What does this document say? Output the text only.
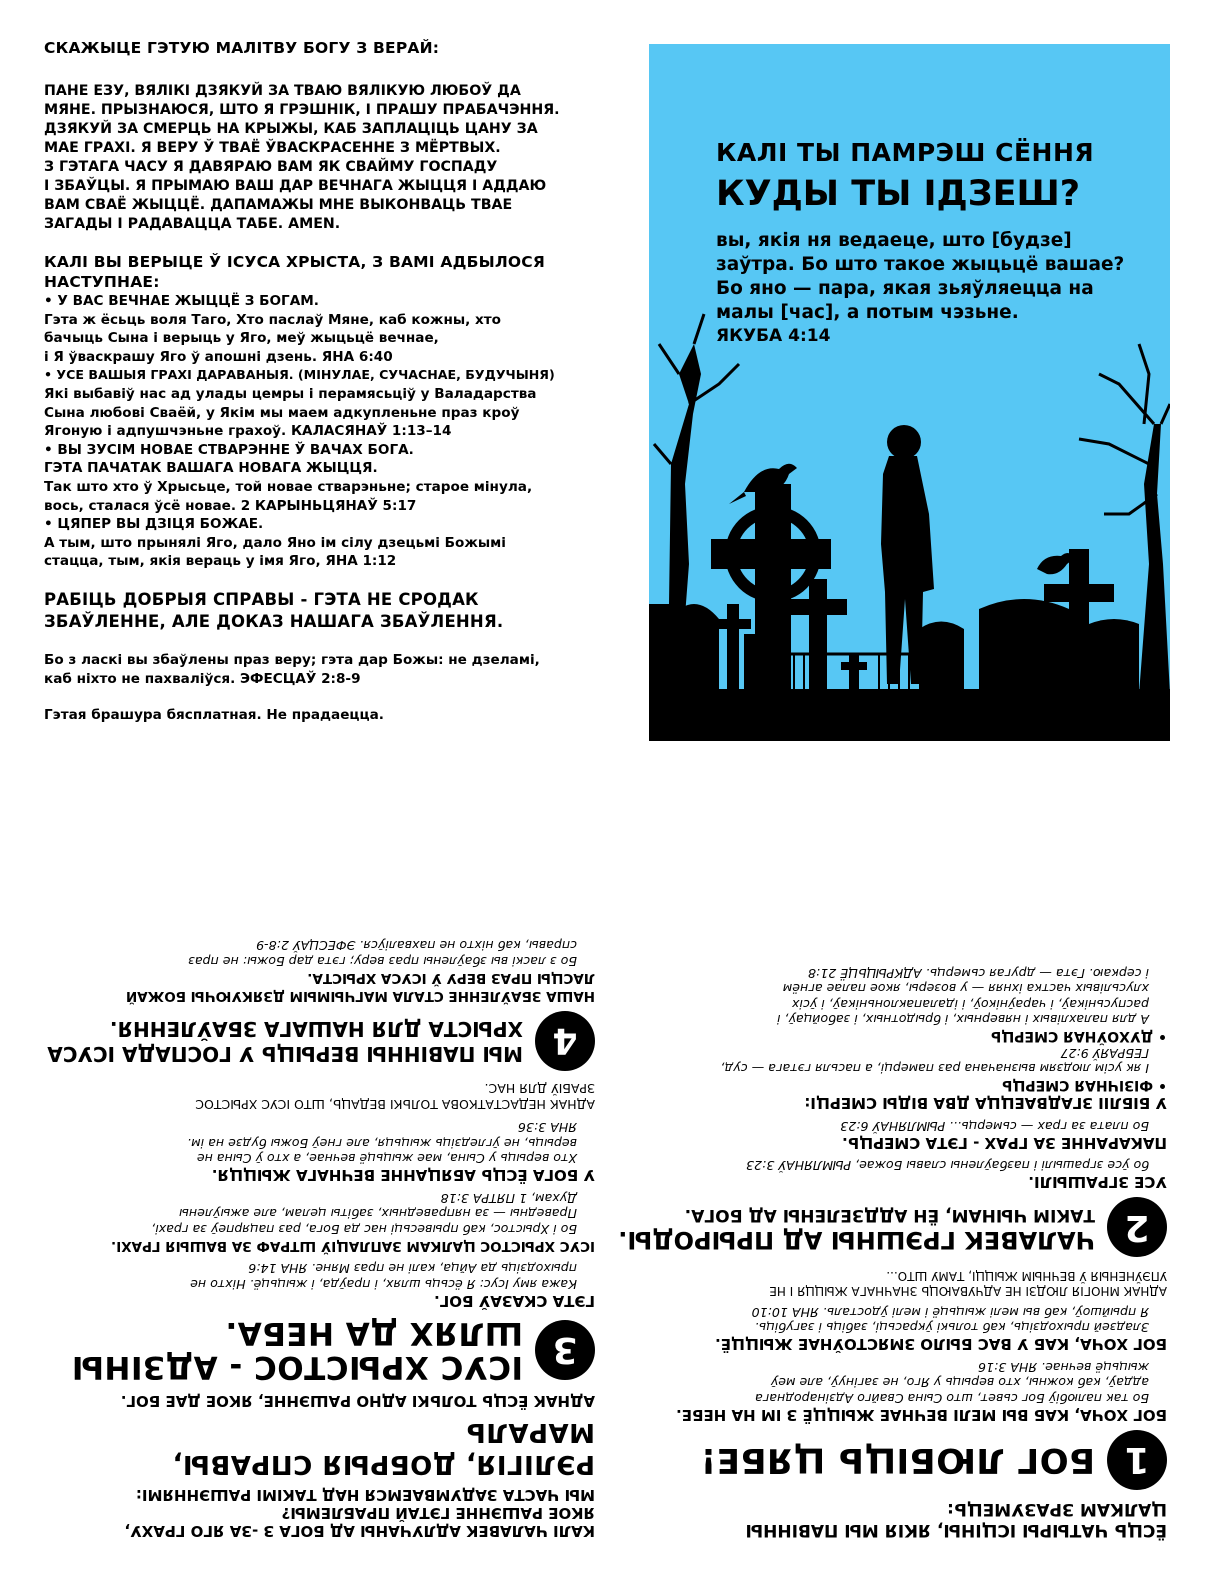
СКАЖЫЦЕ ГЭТУЮ МАЛІТВУ БОГУ З ВЕРАЙ:
ПАНЕ ЕЗУ, ВЯЛІКІ ДЗЯКУЙ ЗА ТВАЮ ВЯЛІКУЮ ЛЮБОЎ ДА
МЯНЕ. ПРЫЗНАЮСЯ, ШТО Я ГРЭШНІК, І ПРАШУ ПРАБАЧЭННЯ.
ДЗЯКУЙ ЗА СМЕРЦЬ НА КРЫЖЫ, КАБ ЗАПЛАЦІЦЬ ЦАНУ ЗА
МАЕ ГРАХІ. Я ВЕРУ Ў ТВАЁ ЎВАСКРАСЕННЕ З МЁРТВЫХ.
З ГЭТАГА ЧАСУ Я ДАВЯРАЮ ВАМ ЯК СВАЙМУ ГОСПАДУ
І ЗБАЎЦЫ. Я ПРЫМАЮ ВАШ ДАР ВЕЧНАГА ЖЫЦЦЯ І АДДАЮ
ВАМ СВАЁ ЖЫЦЦЁ. ДАПАМАЖЫ МНЕ ВЫКОНВАЦЬ ТВАЕ
ЗАГАДЫ І РАДАВАЦЦА ТАБЕ. AMEN.
КАЛІ ВЫ ВЕРЫЦЕ Ў ІСУСА ХРЫСТА, З ВАМІ АДБЫЛОСЯ
НАСТУПНАЕ:
• У ВАС ВЕЧНАЕ ЖЫЦЦЁ З БОГАМ.
Гэта ж ёсьць воля Таго, Хто паслаў Мяне, каб кожны, хто
бачыць Сына і верыць у Яго, меў жыцьцё вечнае,
і Я ўваскрашу Яго ў апошні дзень. ЯНА 6:40
• УСЕ ВАШЫЯ ГРАХІ ДАРАВАНЫЯ. (МІНУЛАЕ, СУЧАСНАЕ, БУДУЧЫНЯ)
Які выбавіў нас ад улады цемры і перамясьціў у Валадарства
Сына любові Сваёй, у Якім мы маем адкупленьне праз кроў
Ягоную і адпушчэньне грахоў. КАЛАСЯНАЎ 1:13–14
• ВЫ ЗУСІМ НОВАЕ СТВАРЭННЕ Ў ВАЧАХ БОГА.
ГЭТА ПАЧАТАК ВАШАГА НОВАГА ЖЫЦЦЯ.
Так што хто ў Хрысьце, той новае стварэньне; старое мінула,
вось, сталася ўсё новае. 2 КАРЫНЬЦЯНАЎ 5:17
• ЦЯПЕР ВЫ ДЗІЦЯ БОЖАЕ.
А тым, што прынялі Яго, дало Яно ім сілу дзецьмі Божымі
стацца, тым, якія вераць у імя Яго, ЯНА 1:12
РАБІЦЬ ДОБРЫЯ СПРАВЫ - ГЭТА НЕ СРОДАК
ЗБАЎЛЕННЕ, АЛЕ ДОКАЗ НАШАГА ЗБАЎЛЕННЯ.
Бо з ласкі вы збаўлены праз веру; гэта дар Божы: не дзеламі,
каб ніхто не пахваліўся. ЭФЕСЦАЎ 2:8-9
Гэтая брашура бясплатная. Не прадаецца.
КАЛІ ТЫ ПАМРЭШ СЁННЯ
КУДЫ ТЫ ІДЗЕШ?
вы, якія ня ведаеце, што [будзе]
заўтра. Бо што такое жыцьцё вашае?
Бо яно — пара, якая зьяўляецца на
малы [час], а потым чэзьне.
ЯКУБА 4:14
ЁСЦЬ ЧАТЫРЫ ІСЦІНЫ, ЯКІЯ МЫ ПАВІННЫ
ЦАЛКАМ ЗРАЗУМЕЦЬ:
1
БОГ ЛЮБІЦЬ ЦЯБЕ!
БОГ ХОЧА, КАБ ВЫ МЕЛІ ВЕЧНАЕ ЖЫЦЦЁ З ІМ НА НЕБЕ.
Бо так палюбіў Бог сьвет, што Сына Свайго Адзінароднага
аддаў, каб кожны, хто верыць у Яго, не загінуў, але меў
жыцьцё вечнае. ЯНА 3:16
БОГ ХОЧА, КАБ У ВАС БЫЛО ЗМЯСТОЎНАЕ ЖЫЦЦЁ.
Зладзей прыходзіць, каб толькі ўкрасьці, забіць і загубіць.
Я прыйшоў, каб вы мелі жыцьцё і мелі ўдосталь. ЯНА 10:10
АДНАК МНОГІЯ ЛЮДЗІ НЕ АДЧУВАЮЦЬ ЗНАЧНАГА ЖЫЦЦЯ І НЕ
УПЭЎНЕНЫЯ Ў ВЕЧНЫМ ЖЫЦЦІ, ТАМУ ШТО...
2
ЧАЛАВЕК ГРЭШНЫ АД ПРЫРОДЫ.
ТАКІМ ЧЫНАМ, ЁН АДДЗЕЛЕНЫ АД БОГА.
УСЕ ЗГРАШЫЛІ.
бо ўсе зграшылі і пазбаўлены славы Божае, РЫМЛЯНАЎ 3:23
ПАКАРАННЕ ЗА ГРАХ - ГЭТА СМЕРЦЬ.
Бо плата за грах — сьмерць... РЫМЛЯНАЎ 6:23
У БІБЛІІ ЗГАДВАЕЦЦА ДВА ВІДЫ СМЕРЦІ:
• ФІЗІЧНАЯ СМЕРЦЬ
І як усім людзям вызначана раз памерці, а пасьля гэтага — суд,
ГЕБРАЯЎ 9:27
• ДУХОЎНАЯ СМЕРЦЬ
А для палахлівых і няверных, і брыдотных, і забойцаў, і
распусьнікаў, і чараўнікоў, і ідалапаклоньнікаў, і ўсіх
хлусьлівых частка іхняя — у возеры, якое палае агнём
і серкаю. Гэта — другая сьмерць. АДКРЫЦЬЦЁ 21:8
КАЛІ ЧАЛАВЕК АДЛУЧАНЫ АД БОГА З -ЗА ЯГО ГРАХУ,
ЯКОЕ РАШЭННЕ ГЭТАЙ ПРАБЛЕМЫ?
МЫ ЧАСТА ЗАДУМВАЕМСЯ НАД ТАКІМІ РАШЭННЯМІ:
РЭЛІГІЯ, ДОБРЫЯ СПРАВЫ, МАРАЛЬ
АДНАК ЁСЦЬ ТОЛЬКІ АДНО РАШЭННЕ, ЯКОЕ ДАЕ БОГ.
3
ІСУС ХРЫСТОС - АДЗІНЫ
ШЛЯХ ДА НЕБА.
ГЭТА СКАЗАЎ БОГ.
Кажа яму Ісус: Я ёсьць шлях, і праўда, і жыцьцё. Ніхто не
прыходзіць да Айца, калі не праз Мяне. ЯНА 14:6
ІСУС ХРЫСТОС ЦАЛКАМ ЗАПЛАЦІЎ ШТРАФ ЗА ВАШЫЯ ГРАХІ.
Бо і Хрыстос, каб прывесьці нас да Бога, раз пацярпеў за грахі,
Праведны — за няправедных, забіты целам, але ажыўлены
Духам, 1 ПЯТРА 3:18
У БОГА ЁСЦЬ АБЯЦАННЕ ВЕЧНАГА ЖЫЦЦЯ.
Хто верыць у Сына, мае жыцьцё вечнае, а хто ў Сына не
верыць, не ўгледзіць жыцьця, але гнеў Божы будзе на ім.
ЯНА 3:36
АДНАК НЕДАСТАТКОВА ТОЛЬКІ ВЕДАЦЬ, ШТО ІСУС ХРЫСТОС
ЗРАБІЎ ДЛЯ НАС.
4
МЫ ПАВІННЫ ВЕРЫЦЬ У ГОСПАДА ІСУСА
ХРЫСТА ДЛЯ НАШАГА ЗБАЎЛЕННЯ.
НАША ЗБАЎЛЕННЕ СТАЛА МАГЧЫМЫМ ДЗЯКУЮЧЫ БОЖАЙ
ЛАСЦЫ ПРАЗ ВЕРУ Ў ІСУСА ХРЫСТА.
Бо з ласкі вы збаўлены праз веру; гэта дар Божы: не праз
справы, каб ніхто не пахваліўся. ЭФЕСЦАЎ 2:8-9
